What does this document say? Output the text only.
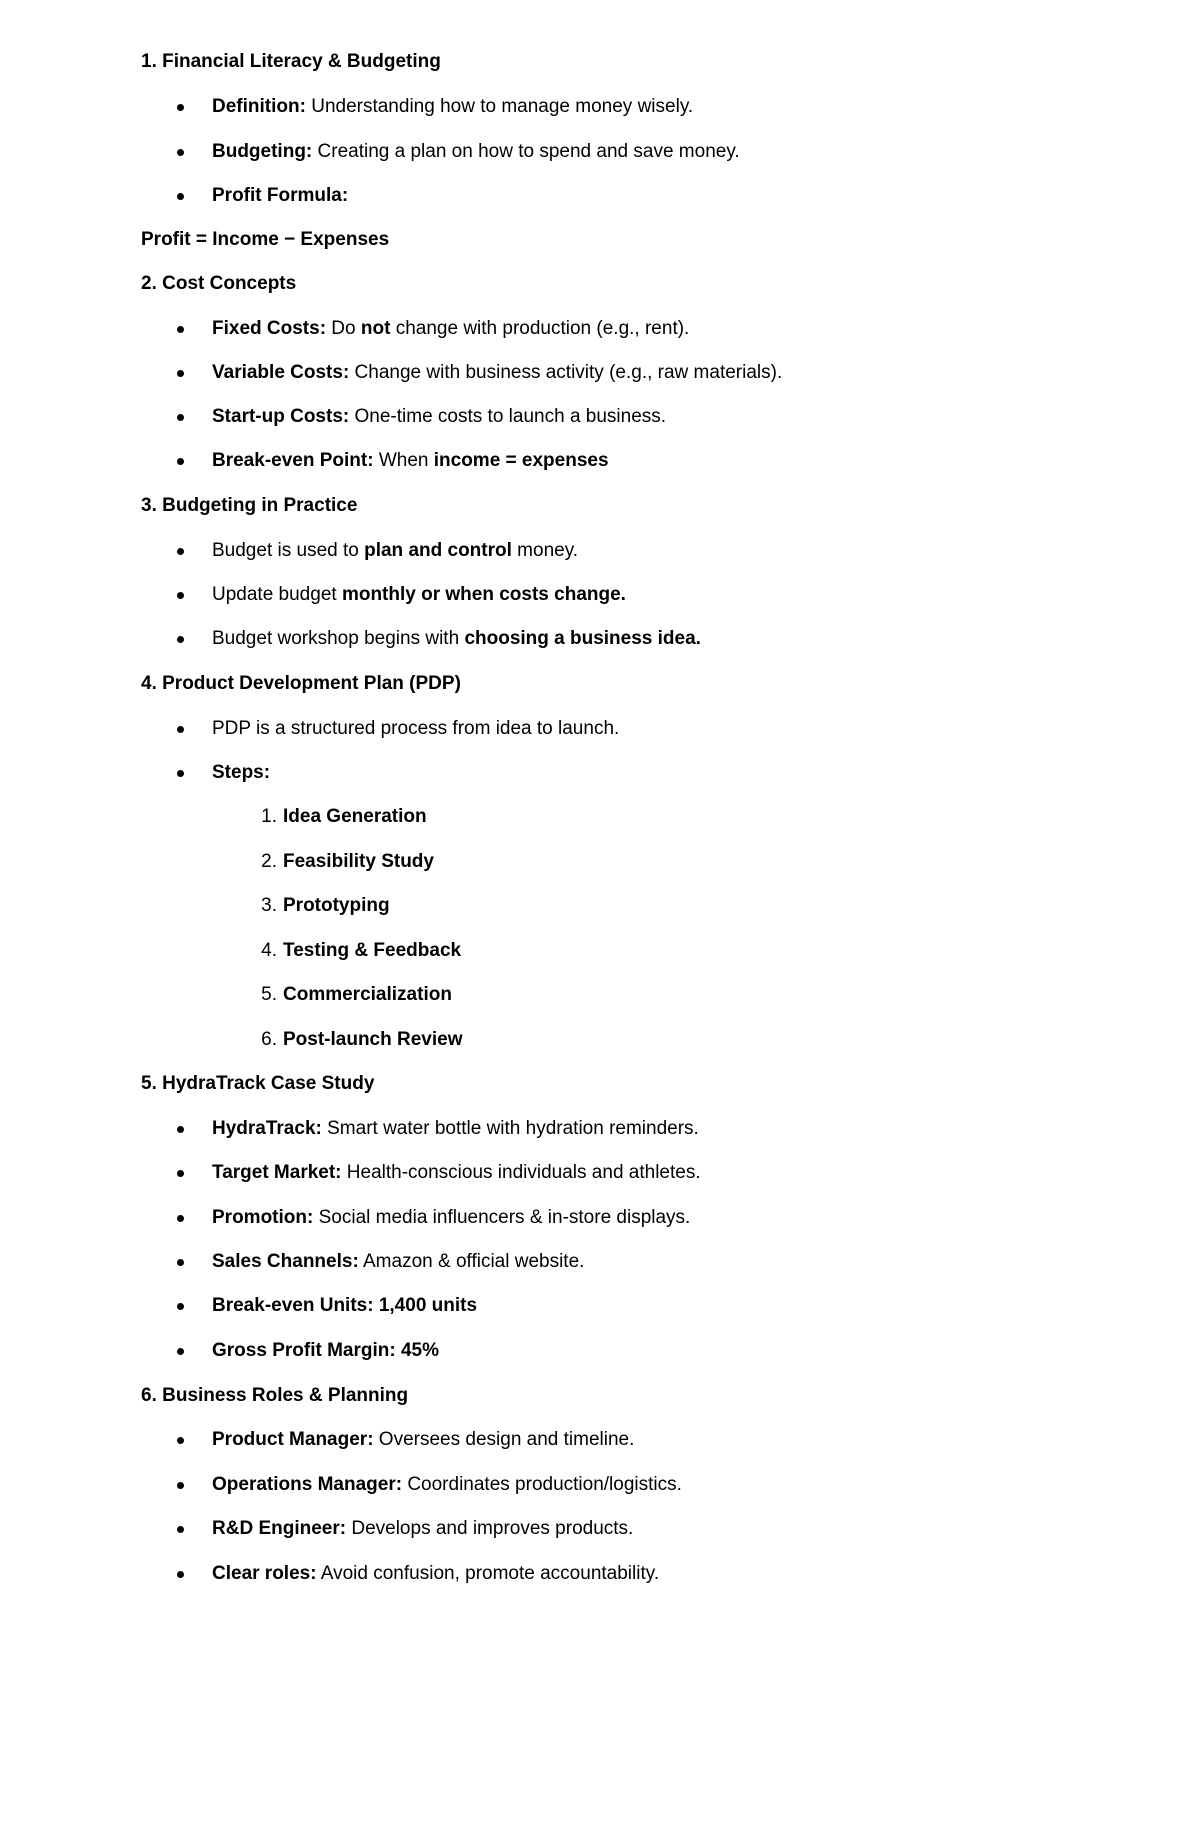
1. Financial Literacy & Budgeting
Definition: Understanding how to manage money wisely.
Budgeting: Creating a plan on how to spend and save money.
Profit Formula:
Profit = Income − Expenses
2. Cost Concepts
Fixed Costs: Do not change with production (e.g., rent).
Variable Costs: Change with business activity (e.g., raw materials).
Start-up Costs: One-time costs to launch a business.
Break-even Point: When income = expenses
3. Budgeting in Practice
Budget is used to plan and control money.
Update budget monthly or when costs change.
Budget workshop begins with choosing a business idea.
4. Product Development Plan (PDP)
PDP is a structured process from idea to launch.
Steps:
1. Idea Generation
2. Feasibility Study
3. Prototyping
4. Testing & Feedback
5. Commercialization
6. Post-launch Review
5. HydraTrack Case Study
HydraTrack: Smart water bottle with hydration reminders.
Target Market: Health-conscious individuals and athletes.
Promotion: Social media influencers & in-store displays.
Sales Channels: Amazon & official website.
Break-even Units: 1,400 units
Gross Profit Margin: 45%
6. Business Roles & Planning
Product Manager: Oversees design and timeline.
Operations Manager: Coordinates production/logistics.
R&D Engineer: Develops and improves products.
Clear roles: Avoid confusion, promote accountability.
